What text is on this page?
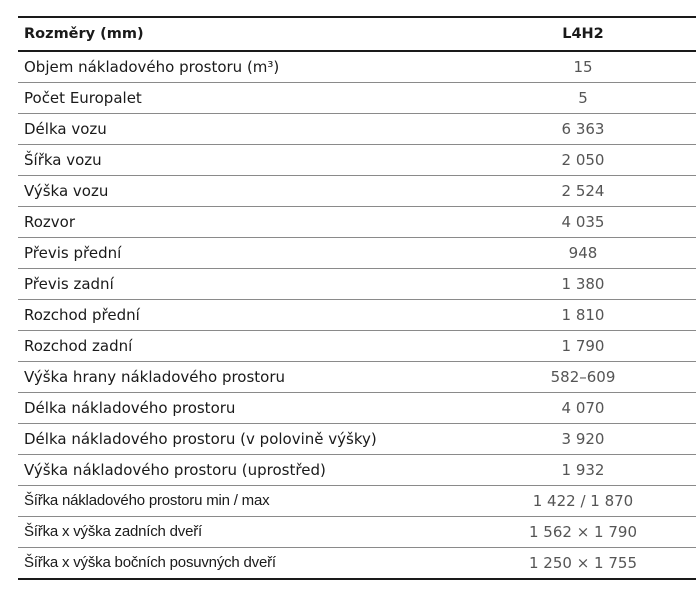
Rozměry (mm)	L4H2
Objem nákladového prostoru (m³)	15
Počet Europalet	5
Délka vozu	6 363
Šířka vozu	2 050
Výška vozu	2 524
Rozvor	4 035
Převis přední	948
Převis zadní	1 380
Rozchod přední	1 810
Rozchod zadní	1 790
Výška hrany nákladového prostoru	582–609
Délka nákladového prostoru	4 070
Délka nákladového prostoru (v polovině výšky)	3 920
Výška nákladového prostoru (uprostřed)	1 932
Šířka nákladového prostoru min / max	1 422 / 1 870
Šířka x výška zadních dveří	1 562 × 1 790
Šířka x výška bočních posuvných dveří	1 250 × 1 755
